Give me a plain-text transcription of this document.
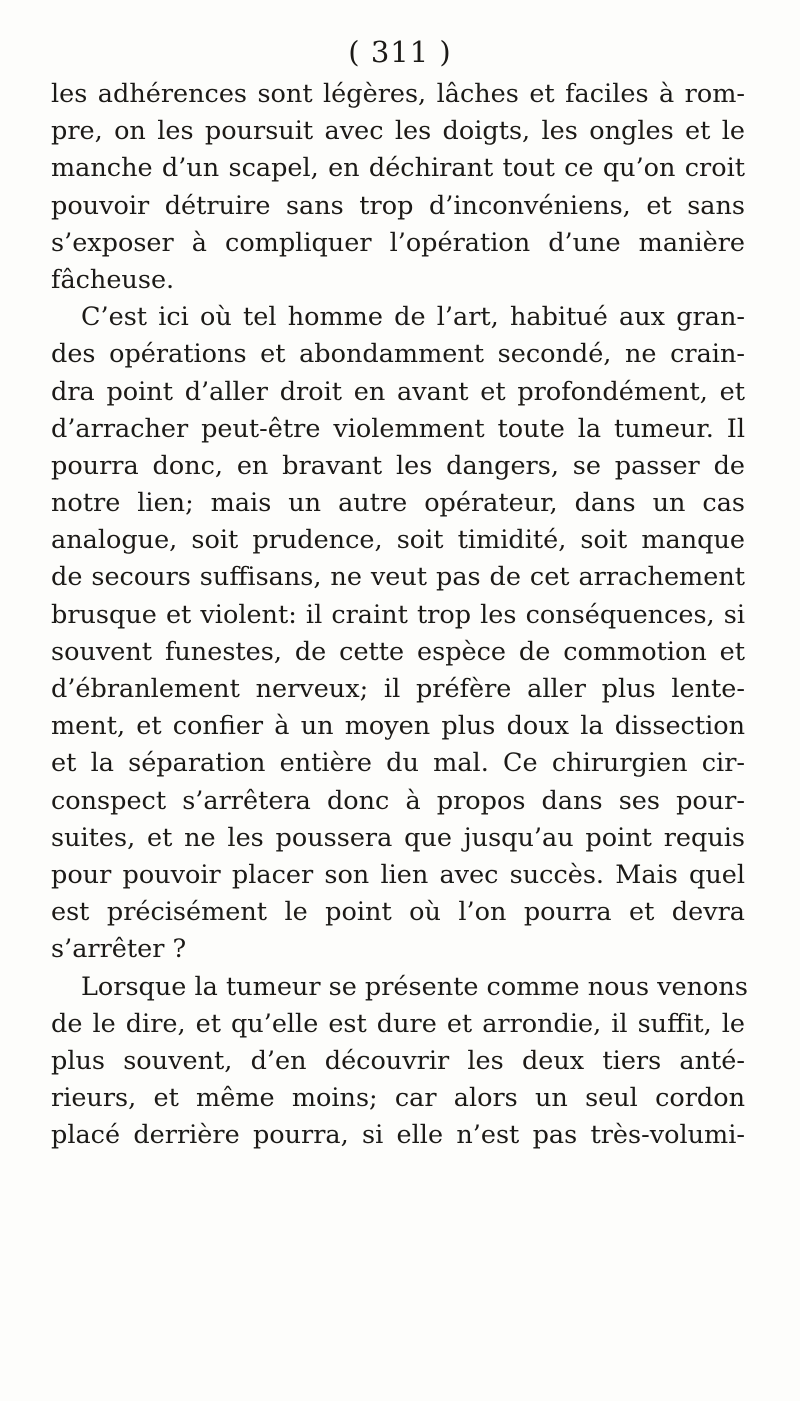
( 311 )
les adhérences sont légères, lâches et faciles à rom-
pre, on les poursuit avec les doigts, les ongles et le
manche d’un scapel, en déchirant tout ce qu’on croit
pouvoir détruire sans trop d’inconvéniens, et sans
s’exposer à compliquer l’opération d’une manière
fâcheuse.
C’est ici où tel homme de l’art, habitué aux gran-
des opérations et abondamment secondé, ne crain-
dra point d’aller droit en avant et profondément, et
d’arracher peut-être violemment toute la tumeur. Il
pourra donc, en bravant les dangers, se passer de
notre lien; mais un autre opérateur, dans un cas
analogue, soit prudence, soit timidité, soit manque
de secours suffisans, ne veut pas de cet arrachement
brusque et violent: il craint trop les conséquences, si
souvent funestes, de cette espèce de commotion et
d’ébranlement nerveux; il préfère aller plus lente-
ment, et confier à un moyen plus doux la dissection
et la séparation entière du mal. Ce chirurgien cir-
conspect s’arrêtera donc à propos dans ses pour-
suites, et ne les poussera que jusqu’au point requis
pour pouvoir placer son lien avec succès. Mais quel
est précisément le point où l’on pourra et devra
s’arrêter ?
Lorsque la tumeur se présente comme nous venons
de le dire, et qu’elle est dure et arrondie, il suffit, le
plus souvent, d’en découvrir les deux tiers anté-
rieurs, et même moins; car alors un seul cordon
placé derrière pourra, si elle n’est pas très-volumi-
